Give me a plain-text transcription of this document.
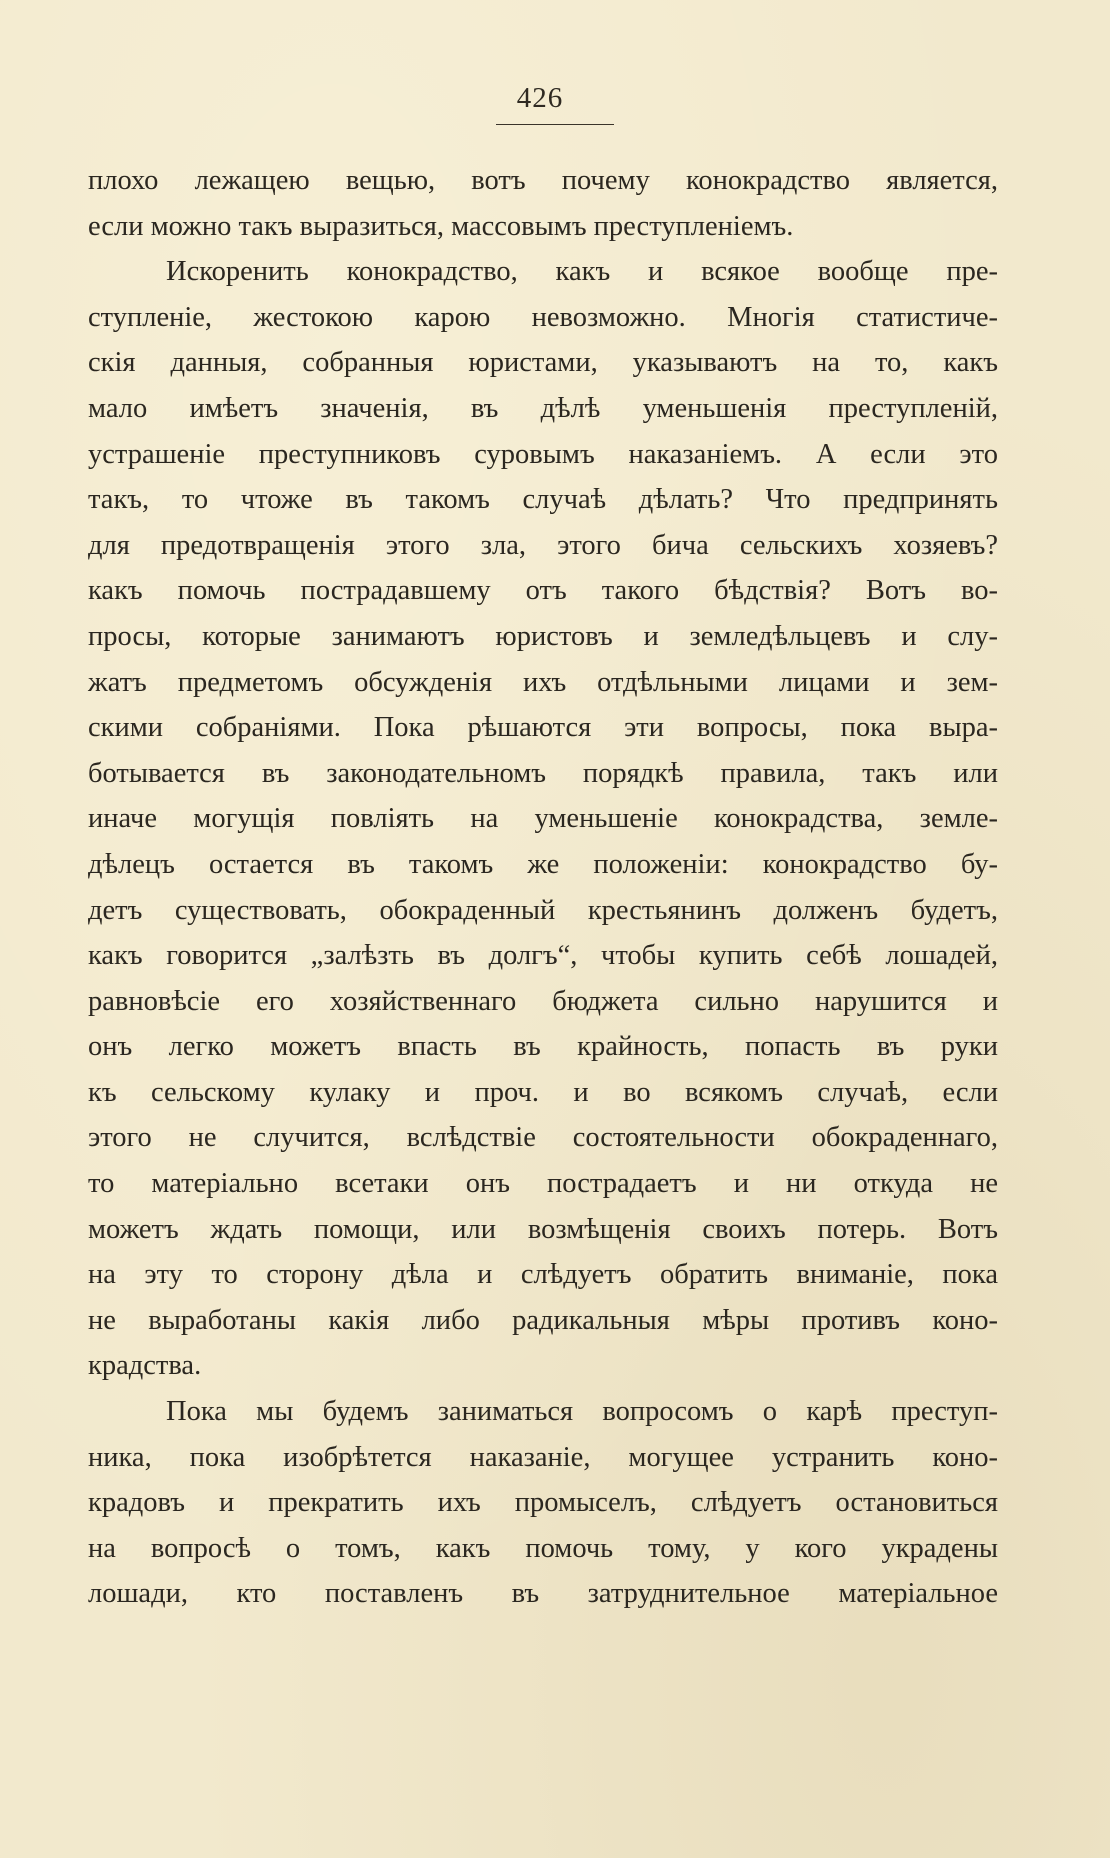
426
плохо лежащею вещью, вотъ почему конокрадство является,
если можно такъ выразиться, массовымъ преступленіемъ.
Искоренить конокрадство, какъ и всякое вообще пре-
ступленіе, жестокою карою невозможно. Многія статистиче-
скія данныя, собранныя юристами, указываютъ на то, какъ
мало имѣетъ значенія, въ дѣлѣ уменьшенія преступленій,
устрашеніе преступниковъ суровымъ наказаніемъ. А если это
такъ, то чтоже въ такомъ случаѣ дѣлать? Что предпринять
для предотвращенія этого зла, этого бича сельскихъ хозяевъ?
какъ помочь пострадавшему отъ такого бѣдствія? Вотъ во-
просы, которые занимаютъ юристовъ и земледѣльцевъ и слу-
жатъ предметомъ обсужденія ихъ отдѣльными лицами и зем-
скими собраніями. Пока рѣшаются эти вопросы, пока выра-
ботывается въ законодательномъ порядкѣ правила, такъ или
иначе могущія повліять на уменьшеніе конокрадства, земле-
дѣлецъ остается въ такомъ же положеніи: конокрадство бу-
детъ существовать, обокраденный крестьянинъ долженъ будетъ,
какъ говорится „залѣзть въ долгъ“, чтобы купить себѣ лошадей,
равновѣсіе его хозяйственнаго бюджета сильно нарушится и
онъ легко можетъ впасть въ крайность, попасть въ руки
къ сельскому кулаку и проч. и во всякомъ случаѣ, если
этого не случится, вслѣдствіе состоятельности обокраденнаго,
то матеріально всетаки онъ пострадаетъ и ни откуда не
можетъ ждать помощи, или возмѣщенія своихъ потерь. Вотъ
на эту то сторону дѣла и слѣдуетъ обратить вниманіе, пока
не выработаны какія либо радикальныя мѣры противъ коно-
крадства.
Пока мы будемъ заниматься вопросомъ о карѣ преступ-
ника, пока изобрѣтется наказаніе, могущее устранить коно-
крадовъ и прекратить ихъ промыселъ, слѣдуетъ остановиться
на вопросѣ о томъ, какъ помочь тому, у кого украдены
лошади, кто поставленъ въ затруднительное матеріальное
